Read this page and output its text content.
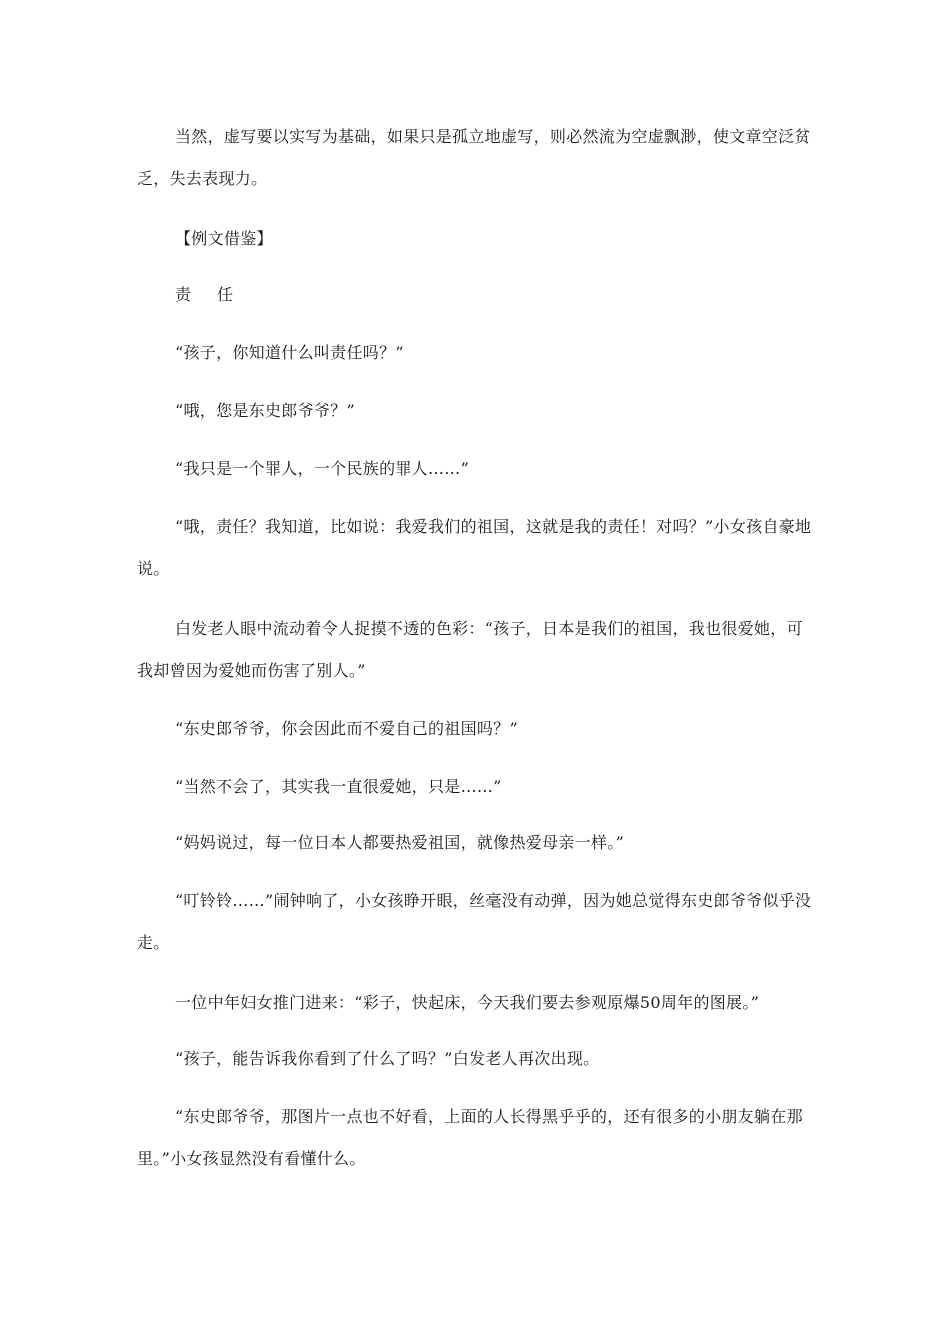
当然，虚写要以实写为基础，如果只是孤立地虚写，则必然流为空虚飘渺，使文章空泛贫乏，失去表现力。

【例文借鉴】

责 任

“孩子，你知道什么叫责任吗？”

“哦，您是东史郎爷爷？”

“我只是一个罪人，一个民族的罪人……”

“哦，责任？我知道，比如说：我爱我们的祖国，这就是我的责任！对吗？”小女孩自豪地说。

白发老人眼中流动着令人捉摸不透的色彩：“孩子，日本是我们的祖国，我也很爱她，可我却曾因为爱她而伤害了别人。”

“东史郎爷爷，你会因此而不爱自己的祖国吗？”

“当然不会了，其实我一直很爱她，只是……”

“妈妈说过，每一位日本人都要热爱祖国，就像热爱母亲一样。”

“叮铃铃……”闹钟响了，小女孩睁开眼，丝毫没有动弹，因为她总觉得东史郎爷爷似乎没走。

一位中年妇女推门进来：“彩子，快起床，今天我们要去参观原爆50周年的图展。”

“孩子，能告诉我你看到了什么了吗？”白发老人再次出现。

“东史郎爷爷，那图片一点也不好看，上面的人长得黑乎乎的，还有很多的小朋友躺在那里。”小女孩显然没有看懂什么。
